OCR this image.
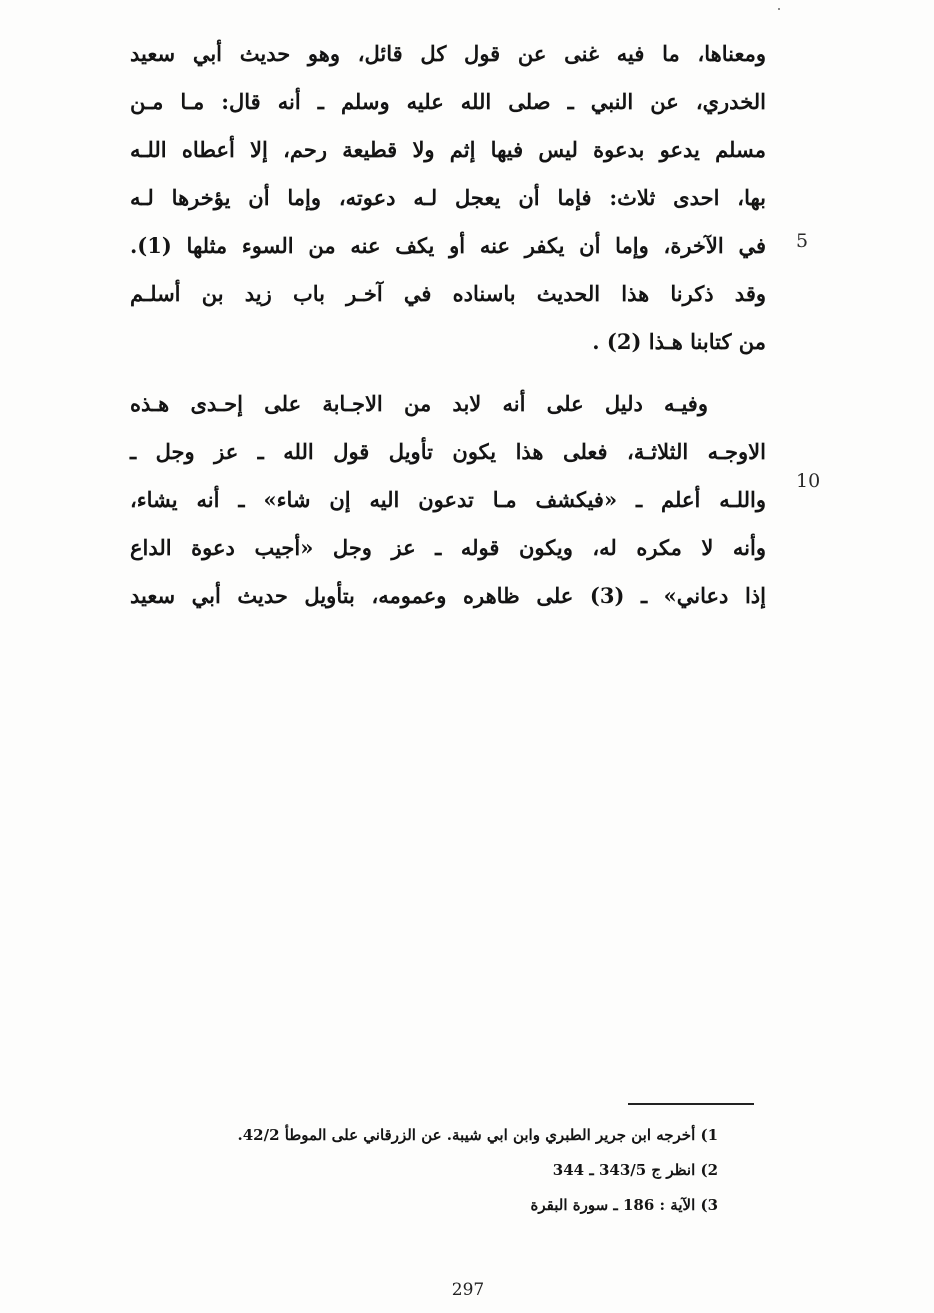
ومعناها، ما فيه غنى عن قول كل قائل، وهو حديث أبي سعيد
الخدري، عن النبي ـ صلى الله عليه وسلم ـ أنه قال: مـا مـن
مسلم يدعو بدعوة ليس فيها إثم ولا قطيعة رحم، إلا أعطاه اللـه
بها، احدى ثلاث: فإما أن يعجل لـه دعوته، وإما أن يؤخرها لـه
في الآخرة، وإما أن يكفر عنه أو يكف عنه من السوء مثلها (1).
وقد ذكرنا هذا الحديث باسناده في آخـر باب زيد بن أسلـم
من كتابنا هـذا (2) .
وفيـه دليل على أنه لابد من الاجـابة على إحـدى هـذه
الاوجـه الثلاثـة، فعلى هذا يكون تأويل قول الله ـ عز وجل ـ
واللـه أعلم ـ «فيكشف مـا تدعون اليه إن شاء» ـ أنه يشاء،
وأنه لا مكره له، ويكون قوله ـ عز وجل «أجيب دعوة الداع
إذا دعاني» ـ (3) على ظاهره وعمومه، بتأويل حديث أبي سعيد
5
10
1) أخرجه ابن جرير الطبري وابن ابي شيبة. عن الزرقاني على الموطأ 42/2.
2) انظر ج 343/5 ـ 344
3) الآية : 186 ـ سورة البقرة
297
